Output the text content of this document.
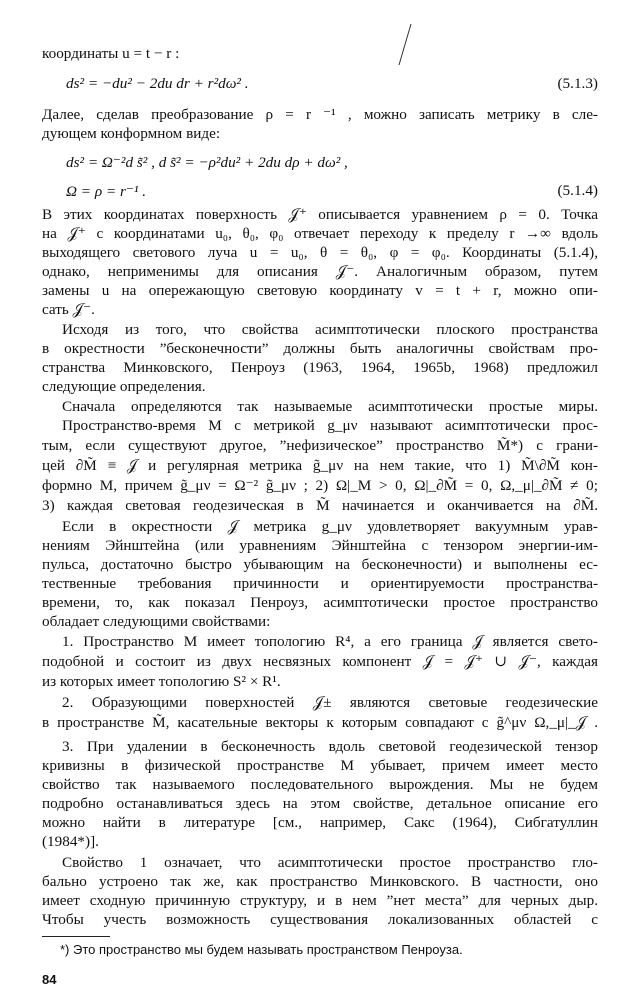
координаты u = t − r :
ds² = −du² − 2du dr + r²dω² .	(5.1.3)
Далее, сделав преобразование ρ = r ⁻¹ , можно записать метрику в сле-
дующем конформном виде:
ds² = Ω⁻²d s̃² , d s̃² = −ρ²du² + 2du dρ + dω² ,
Ω = ρ = r⁻¹ .	(5.1.4)
В этих координатах поверхность 𝒥⁺ описывается уравнением ρ = 0. Точка
на 𝒥⁺ с координатами u₀, θ₀, φ₀ отвечает переходу к пределу r →∞ вдоль
выходящего светового луча u = u₀, θ = θ₀, φ = φ₀. Координаты (5.1.4),
однако, неприменимы для описания 𝒥⁻. Аналогичным образом, путем
замены u на опережающую световую координату v = t + r, можно опи-
сать 𝒥⁻.
Исходя из того, что свойства асимптотически плоского пространства
в окрестности ”бесконечности” должны быть аналогичны свойствам про-
странства Минковского, Пенроуз (1963, 1964, 1965b, 1968) предложил
следующие определения.
Сначала определяются так называемые асимптотически простые миры.
Пространство-время M с метрикой g_μν называют асимптотически прос-
тым, если существуют другое, ”нефизическое” пространство M̃*) с грани-
цей ∂M̃ ≡ 𝒥 и регулярная метрика g̃_μν на нем такие, что 1) M̃\∂M̃ кон-
формно M, причем g̃_μν = Ω⁻² g̃_μν ; 2) Ω|_M > 0, Ω|_∂M̃ = 0, Ω,_μ|_∂M̃ ≠ 0;
3) каждая световая геодезическая в M̃ начинается и оканчивается на ∂M̃.
Если в окрестности 𝒥 метрика g_μν удовлетворяет вакуумным урав-
нениям Эйнштейна (или уравнениям Эйнштейна с тензором энергии-им-
пульса, достаточно быстро убывающим на бесконечности) и выполнены ес-
тественные требования причинности и ориентируемости пространства-
времени, то, как показал Пенроуз, асимптотически простое пространство
обладает следующими свойствами:
1. Пространство M имеет топологию R⁴, а его граница 𝒥 является свето-
подобной и состоит из двух несвязных компонент 𝒥 = 𝒥⁺ ∪ 𝒥⁻, каждая
из которых имеет топологию S² × R¹.
2. Образующими поверхностей 𝒥± являются световые геодезические
в пространстве M̃, касательные векторы к которым совпадают с g̃^μν Ω,_μ|_𝒥 .
3. При удалении в бесконечность вдоль световой геодезической тензор
кривизны в физической пространстве M убывает, причем имеет место
свойство так называемого последовательного вырождения. Мы не будем
подробно останавливаться здесь на этом свойстве, детальное описание его
можно найти в литературе [см., например, Сакс (1964), Сибгатуллин
(1984*)].
Свойство 1 означает, что асимптотически простое пространство гло-
бально устроено так же, как пространство Минковского. В частности, оно
имеет сходную причинную структуру, и в нем ”нет места” для черных дыр.
Чтобы учесть возможность существования локализованных областей с
*) Это пространство мы будем называть пространством Пенроуза.
84
